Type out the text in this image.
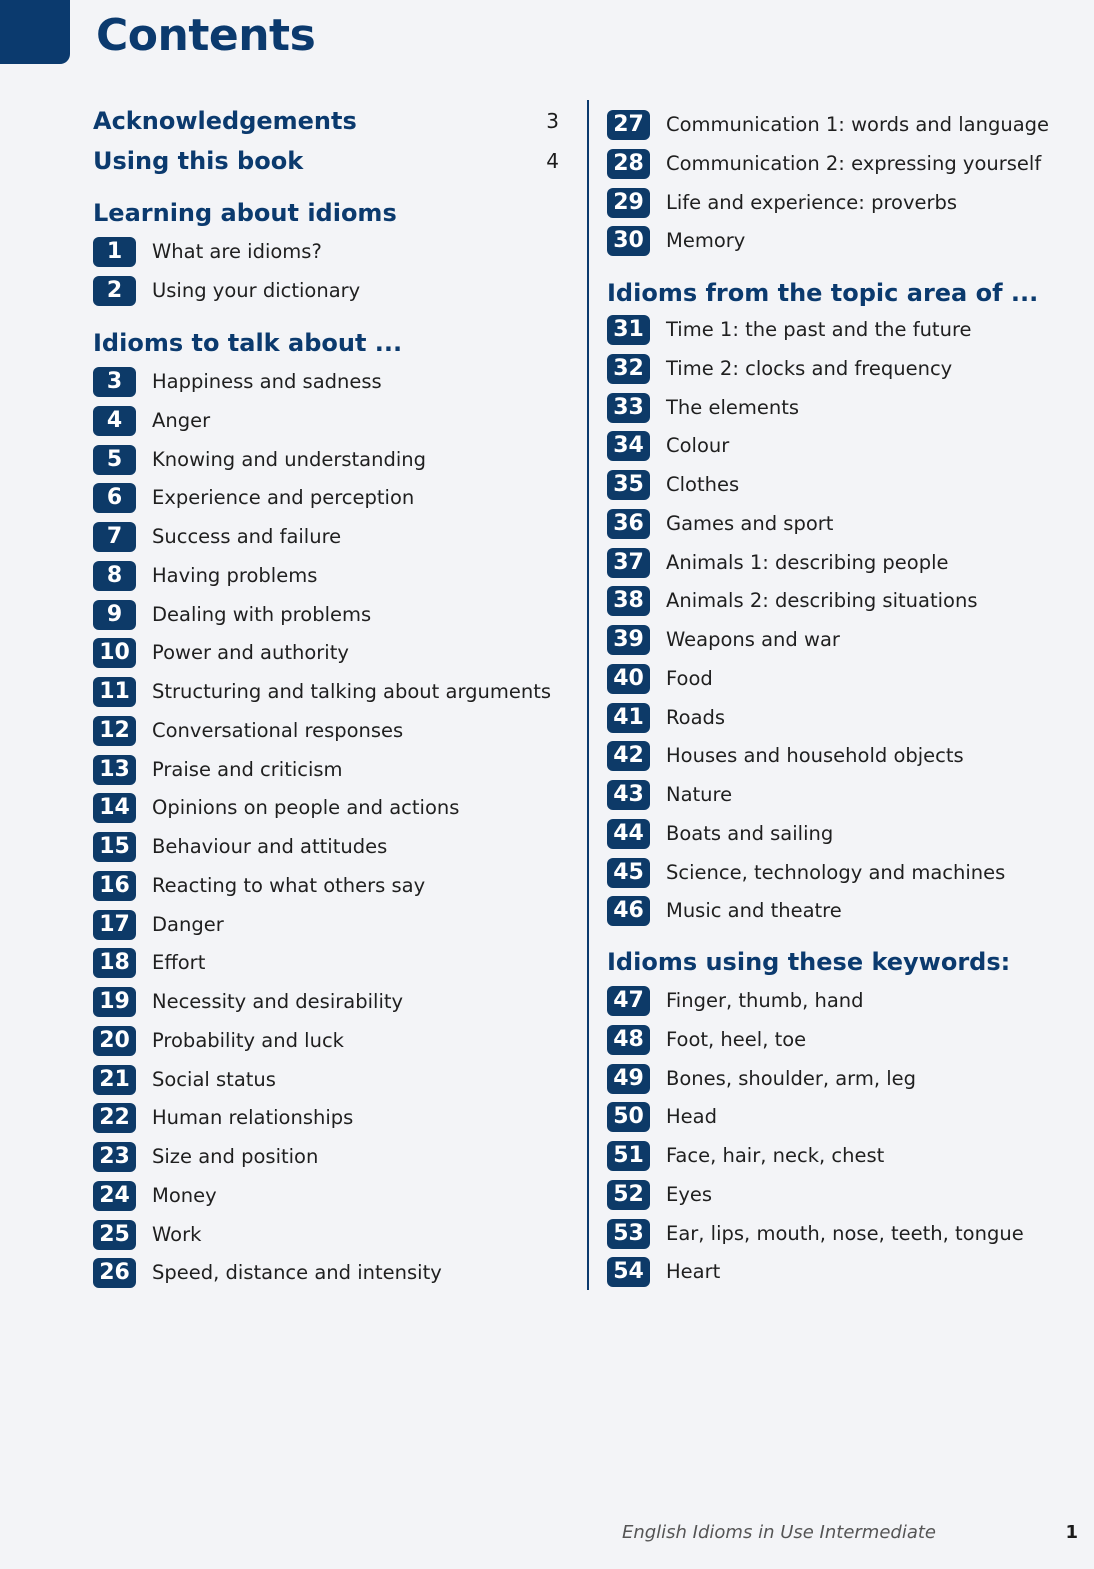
Contents
Acknowledgements	3
Using this book	4
Learning about idioms
1	What are idioms?
2	Using your dictionary
Idioms to talk about ...
3	Happiness and sadness
4	Anger
5	Knowing and understanding
6	Experience and perception
7	Success and failure
8	Having problems
9	Dealing with problems
10	Power and authority
11	Structuring and talking about arguments
12	Conversational responses
13	Praise and criticism
14	Opinions on people and actions
15	Behaviour and attitudes
16	Reacting to what others say
17	Danger
18	Effort
19	Necessity and desirability
20	Probability and luck
21	Social status
22	Human relationships
23	Size and position
24	Money
25	Work
26	Speed, distance and intensity
27	Communication 1: words and language
28	Communication 2: expressing yourself
29	Life and experience: proverbs
30	Memory
Idioms from the topic area of ...
31	Time 1: the past and the future
32	Time 2: clocks and frequency
33	The elements
34	Colour
35	Clothes
36	Games and sport
37	Animals 1: describing people
38	Animals 2: describing situations
39	Weapons and war
40	Food
41	Roads
42	Houses and household objects
43	Nature
44	Boats and sailing
45	Science, technology and machines
46	Music and theatre
Idioms using these keywords:
47	Finger, thumb, hand
48	Foot, heel, toe
49	Bones, shoulder, arm, leg
50	Head
51	Face, hair, neck, chest
52	Eyes
53	Ear, lips, mouth, nose, teeth, tongue
54	Heart
English Idioms in Use Intermediate	1
